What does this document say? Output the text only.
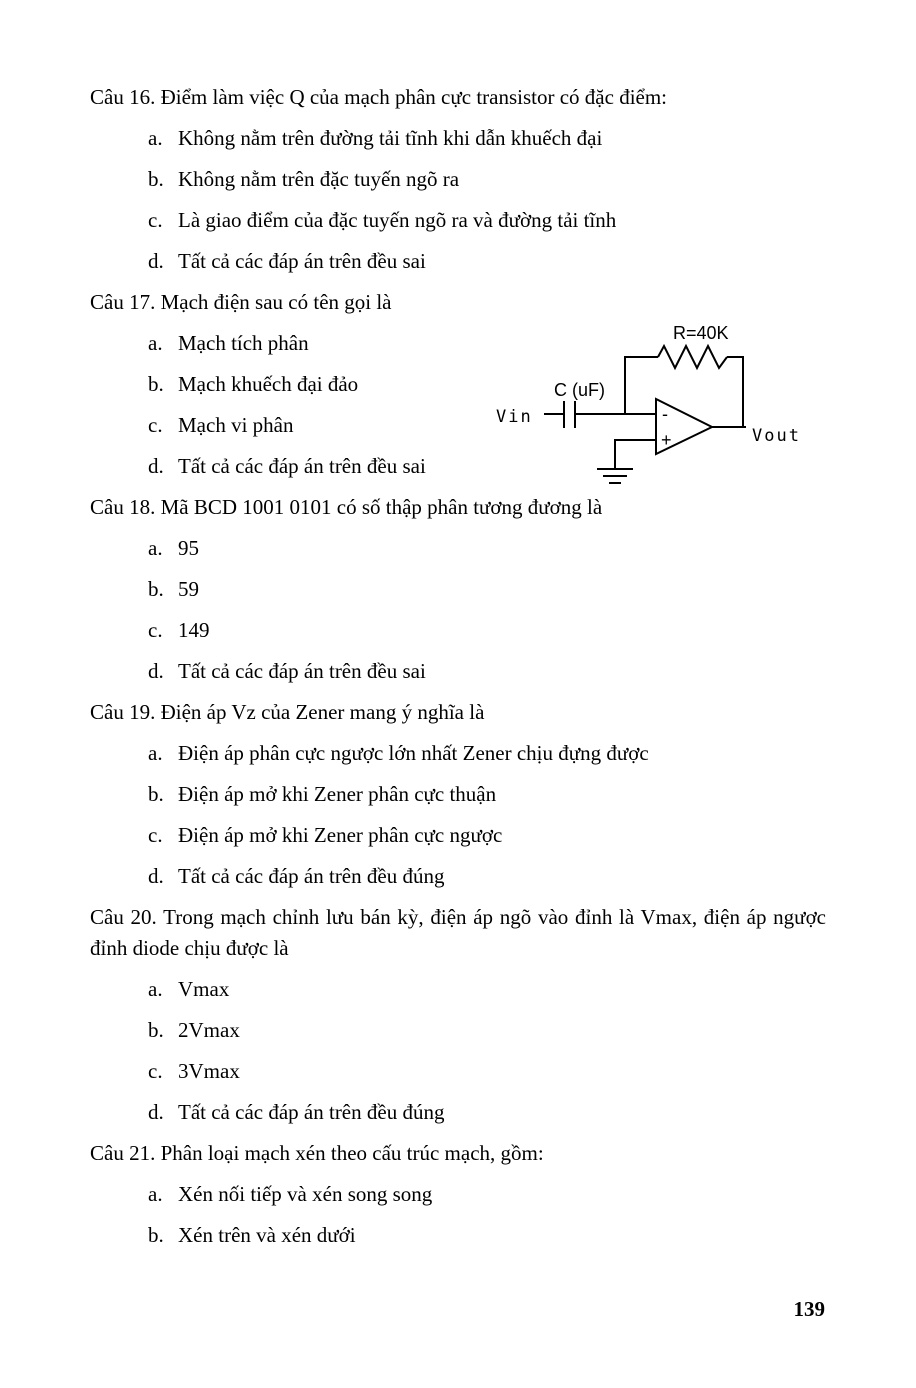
Câu 16. Điểm làm việc Q của mạch phân cực transistor có đặc điểm:
a. Không nằm trên đường tải tĩnh khi dẫn khuếch đại
b. Không nằm trên đặc tuyến ngõ ra
c. Là giao điểm của đặc tuyến ngõ ra và đường tải tĩnh
d. Tất cả các đáp án trên đều sai
Câu 17. Mạch điện sau có tên gọi là
a. Mạch tích phân
b. Mạch khuếch đại đảo
c. Mạch vi phân
d. Tất cả các đáp án trên đều sai
R=40K
C (uF)
Vin
Vout
-
+
Câu 18. Mã BCD 1001 0101 có số thập phân tương đương là
a. 95
b. 59
c. 149
d. Tất cả các đáp án trên đều sai
Câu 19. Điện áp Vz của Zener mang ý nghĩa là
a. Điện áp phân cực ngược lớn nhất Zener chịu đựng được
b. Điện áp mở khi Zener phân cực thuận
c. Điện áp mở khi Zener phân cực ngược
d. Tất cả các đáp án trên đều đúng
Câu 20. Trong mạch chỉnh lưu bán kỳ, điện áp ngõ vào đỉnh là Vmax, điện áp ngược đỉnh diode chịu được là
a. Vmax
b. 2Vmax
c. 3Vmax
d. Tất cả các đáp án trên đều đúng
Câu 21. Phân loại mạch xén theo cấu trúc mạch, gồm:
a. Xén nối tiếp và xén song song
b. Xén trên và xén dưới
139
